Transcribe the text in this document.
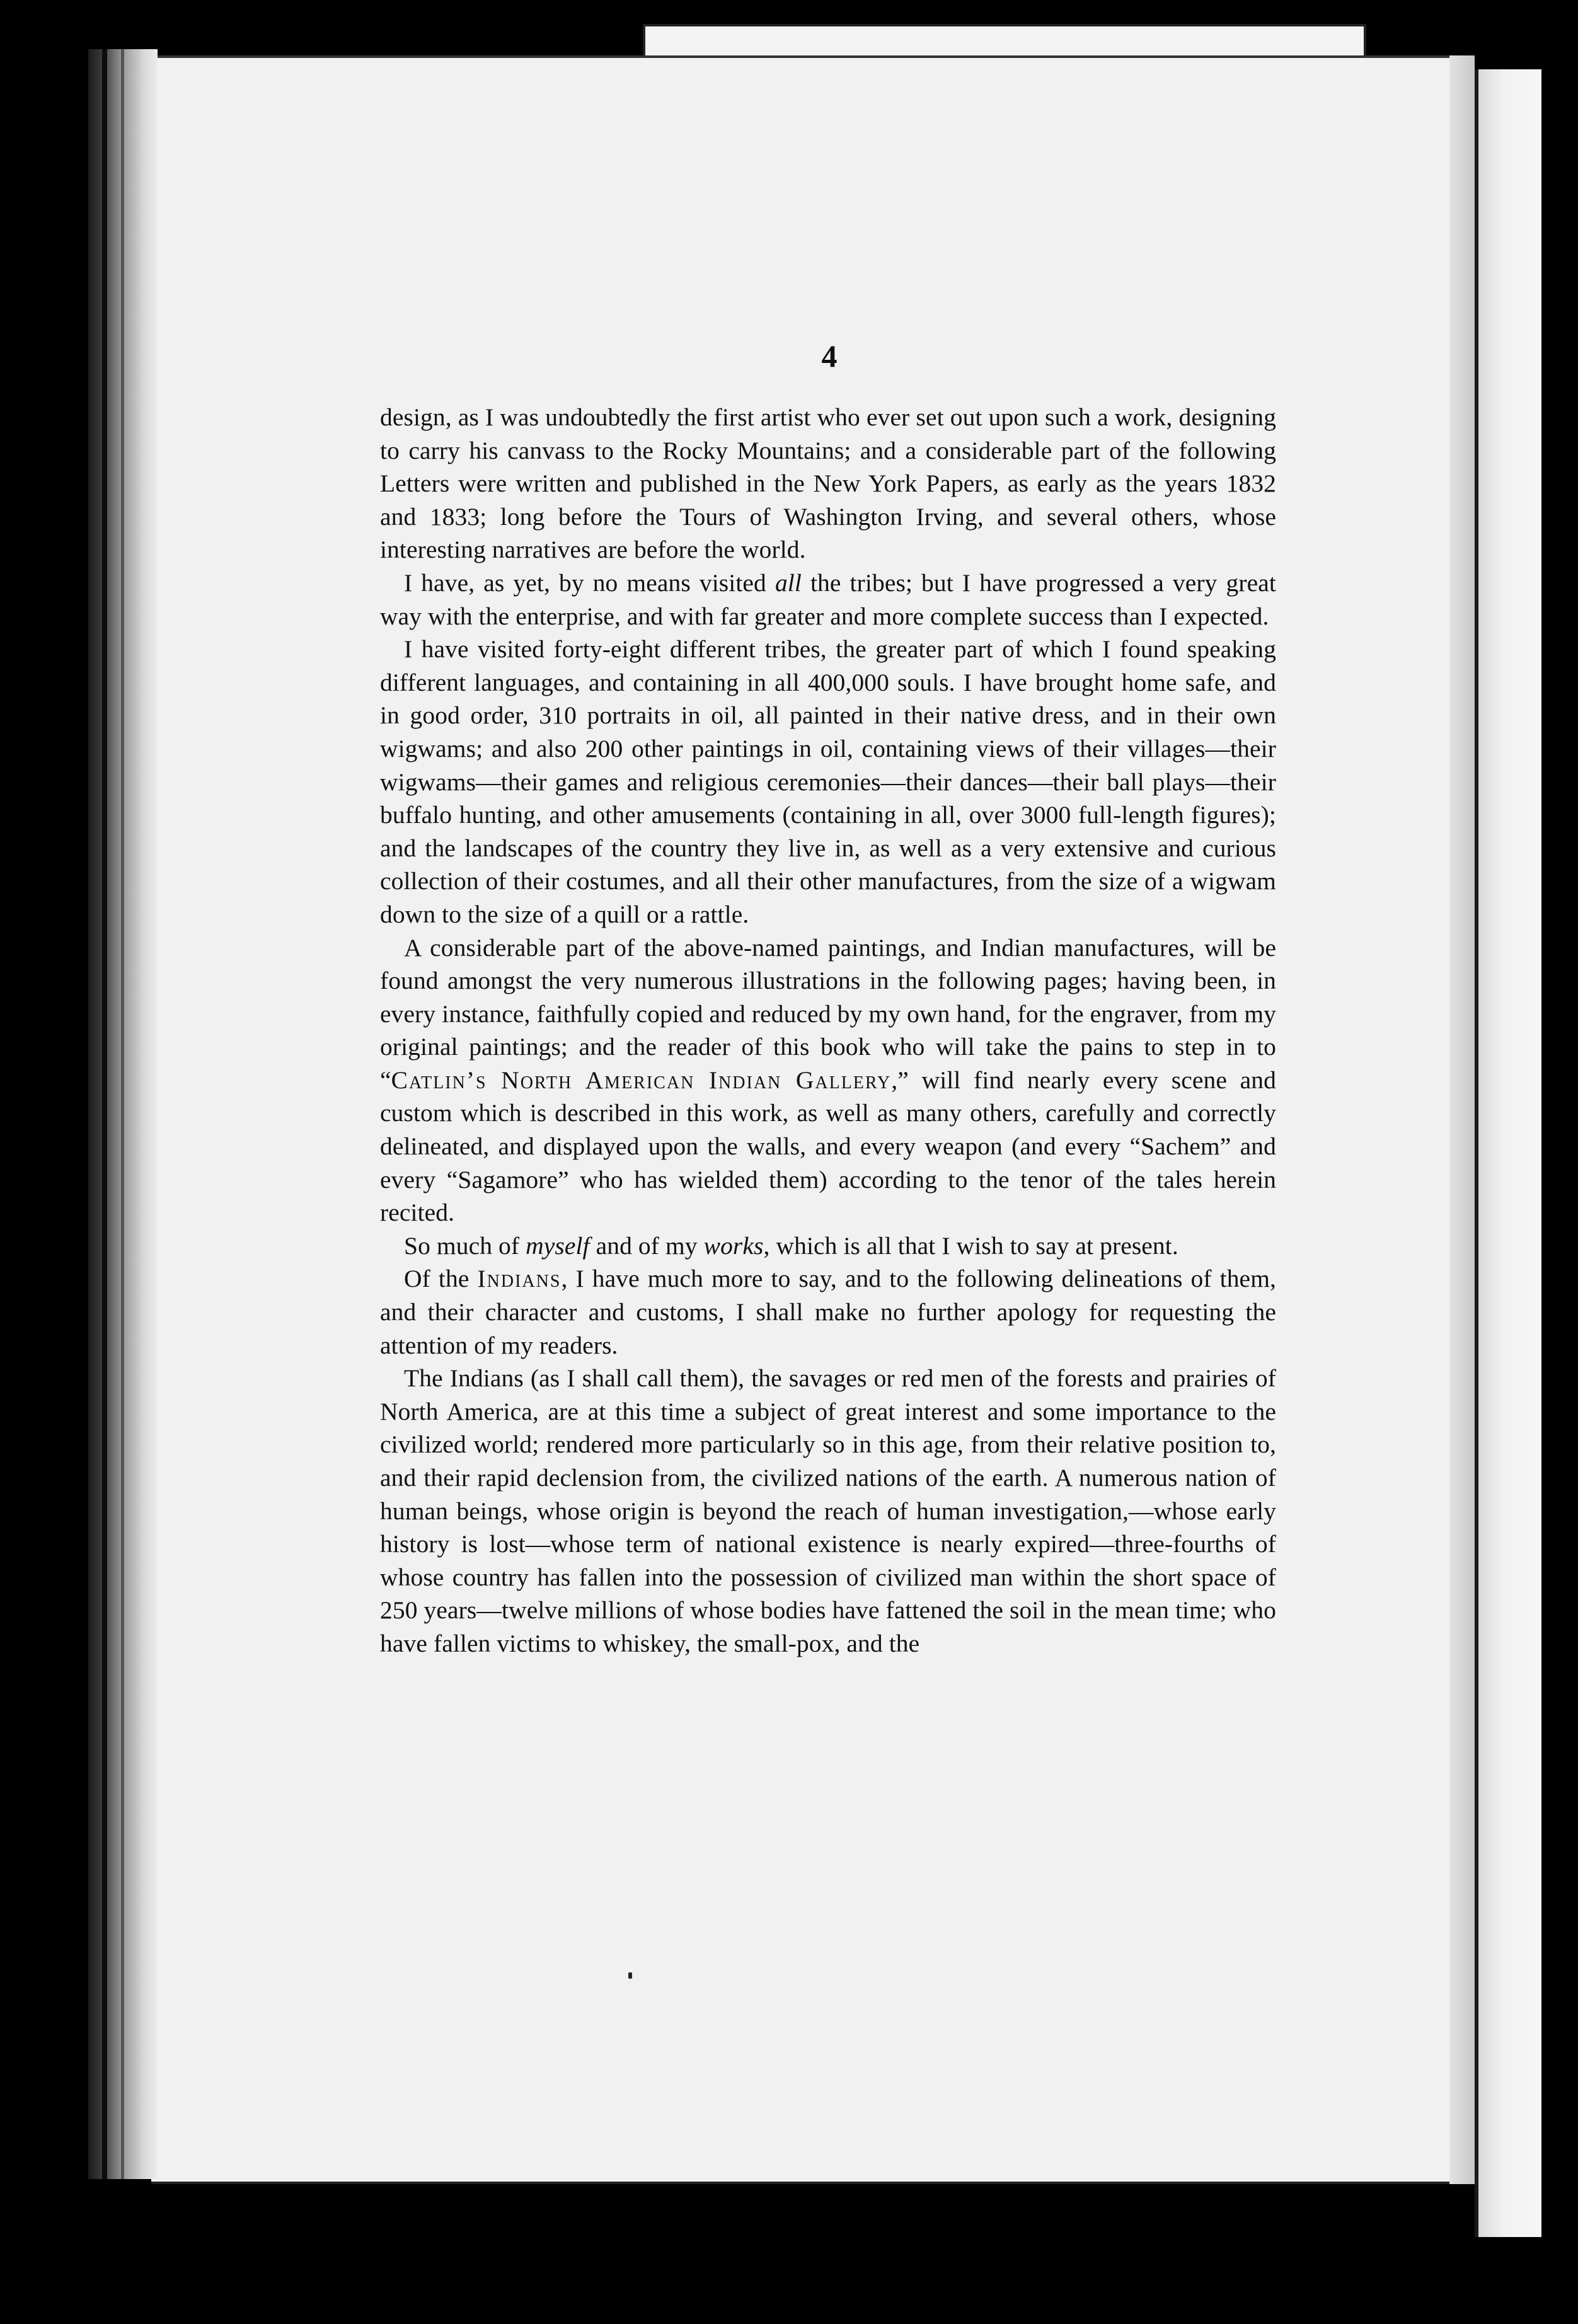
4

design, as I was undoubtedly the first artist who ever set out upon such a work, designing to carry his canvass to the Rocky Mountains; and a considerable part of the following Letters were written and published in the New York Papers, as early as the years 1832 and 1833; long before the Tours of Washington Irving, and several others, whose interesting narratives are before the world.

I have, as yet, by no means visited all the tribes; but I have progressed a very great way with the enterprise, and with far greater and more complete success than I expected.

I have visited forty-eight different tribes, the greater part of which I found speaking different languages, and containing in all 400,000 souls. I have brought home safe, and in good order, 310 portraits in oil, all painted in their native dress, and in their own wigwams; and also 200 other paintings in oil, containing views of their villages—their wigwams—their games and religious ceremonies—their dances—their ball plays—their buffalo hunting, and other amusements (containing in all, over 3000 full-length figures); and the landscapes of the country they live in, as well as a very extensive and curious collection of their costumes, and all their other manufactures, from the size of a wigwam down to the size of a quill or a rattle.

A considerable part of the above-named paintings, and Indian manufactures, will be found amongst the very numerous illustrations in the following pages; having been, in every instance, faithfully copied and reduced by my own hand, for the engraver, from my original paintings; and the reader of this book who will take the pains to step in to “Catlin’s North American Indian Gallery,” will find nearly every scene and custom which is described in this work, as well as many others, carefully and correctly delineated, and displayed upon the walls, and every weapon (and every “Sachem” and every “Sagamore” who has wielded them) according to the tenor of the tales herein recited.

So much of myself and of my works, which is all that I wish to say at present.

Of the Indians, I have much more to say, and to the following delineations of them, and their character and customs, I shall make no further apology for requesting the attention of my readers.

The Indians (as I shall call them), the savages or red men of the forests and prairies of North America, are at this time a subject of great interest and some importance to the civilized world; rendered more particularly so in this age, from their relative position to, and their rapid declension from, the civilized nations of the earth. A numerous nation of human beings, whose origin is beyond the reach of human investigation,—whose early history is lost—whose term of national existence is nearly expired—three-fourths of whose country has fallen into the possession of civilized man within the short space of 250 years—twelve millions of whose bodies have fattened the soil in the mean time; who have fallen victims to whiskey, the small-pox, and the
